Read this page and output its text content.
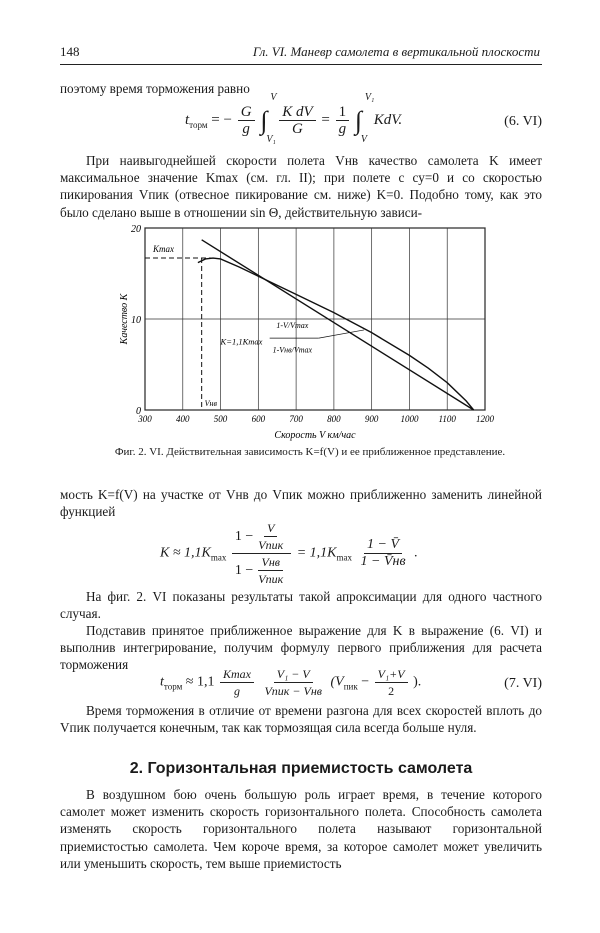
148	Гл. VI. Маневр самолета в вертикальной плоскости

поэтому время торможения равно

$t_{торм}$ = − $\frac{G}{g}$ ∫
V
V₁

$\frac{\text{K dV}}{G} = \frac{1}{g}$ ∫
V₁
V
KdV.	(6. VI)

При наивыгоднейшей скорости полета Vнв качество самолета K имеет максимальное значение Kmax (см. гл. II); при полете с cy=0 и со скоростью пикирования Vпик (отвесное пикирование см. ниже) K=0. Подобно тому, как это было сделано выше в отношении sin Θ, действительную зависи-

300	400	500	600	700	800	900 1000 1100 1200
0
10
20
Скорость V км/час
Качество K
Kmax
Vнв
K=1,1Kmax
1-V/Vmax
1-Vнв/Vmax
Фиг. 2. VI. Действительная зависимость K=f(V) и ее приближенное представление.

мость K=f(V) на участке от Vнв до Vпик можно приближенно заменить линейной функцией

$K \approx 1,1K_{max} \frac{1 - \frac{V}{\text{Vпик}}}{1 - \frac{\text{Vнв}}{\text{Vпик}}} = 1,1K_{max} \frac{1 - V̄}{1 - V̄нв}$ .

На фиг. 2. VI показаны результаты такой апроксимации для одного частного случая.

Подставив принятое приближенное выражение для K в выражение (6. VI) и выполнив интегрирование, получим формулу первого приближения для расчета торможения

$t_{торм} \approx 1,1 \frac{Kmax}{g}$
$\frac{\text{V₁ − V}}{\text{Vпик − Vнв}} (V_{пик} - \frac{\text{V₁+V}}{2}$ ).	(7. VI)

Время торможения в отличие от времени разгона для всех скоростей вплоть до Vпик получается конечным, так как тормозящая сила всегда больше нуля.

2. Горизонтальная приемистость самолета

В воздушном бою очень большую роль играет время, в течение которого самолет может изменить скорость горизонтального полета. Способность самолета изменять скорость горизонтального полета называют горизонтальной приемистостью самолета. Чем короче время, за которое самолет может увеличить или уменьшить скорость, тем выше приемистость
